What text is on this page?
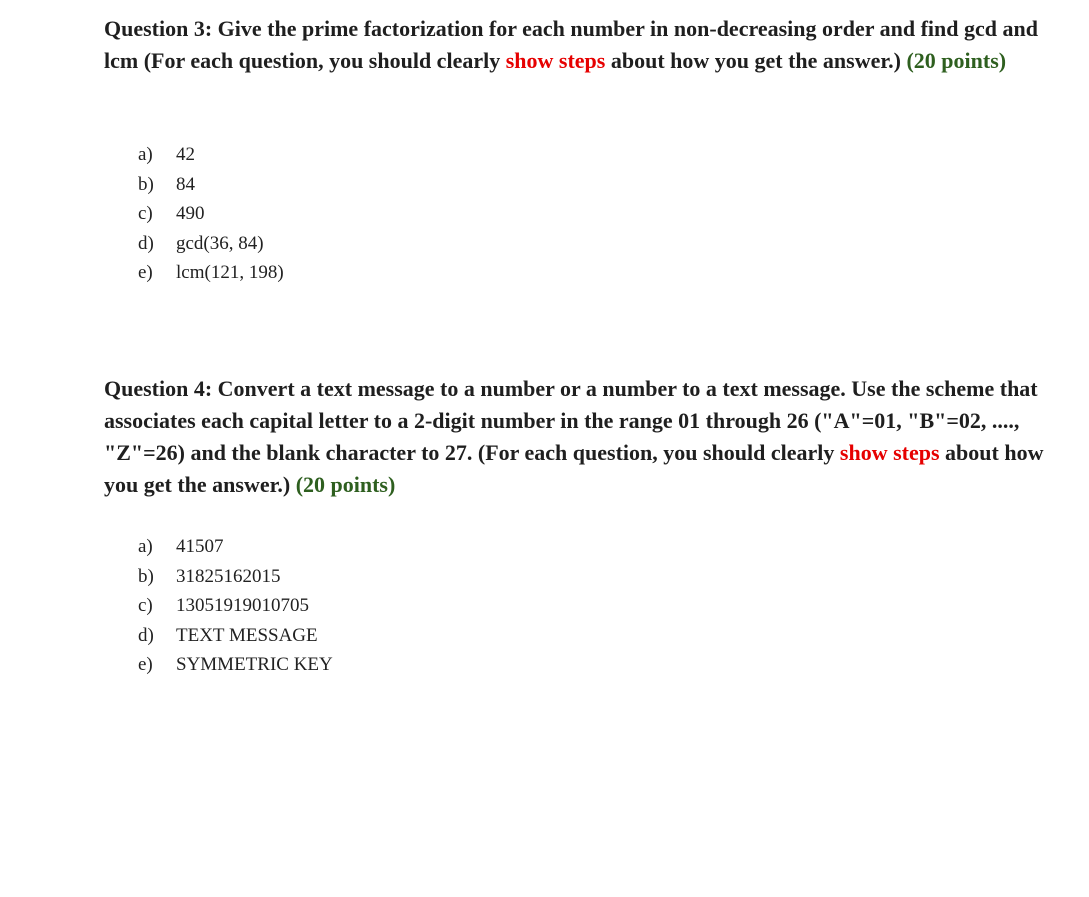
Question 3: Give the prime factorization for each number in non-decreasing order and find gcd and lcm (For each question, you should clearly show steps about how you get the answer.) (20 points)
a)	42
b)	84
c)	490
d)	gcd(36, 84)
e)	lcm(121, 198)
Question 4: Convert a text message to a number or a number to a text message. Use the scheme that associates each capital letter to a 2-digit number in the range 01 through 26 ("A"=01, "B"=02, ...., "Z"=26) and the blank character to 27. (For each question, you should clearly show steps about how you get the answer.) (20 points)
a)	41507
b)	31825162015
c)	13051919010705
d)	TEXT MESSAGE
e)	SYMMETRIC KEY
